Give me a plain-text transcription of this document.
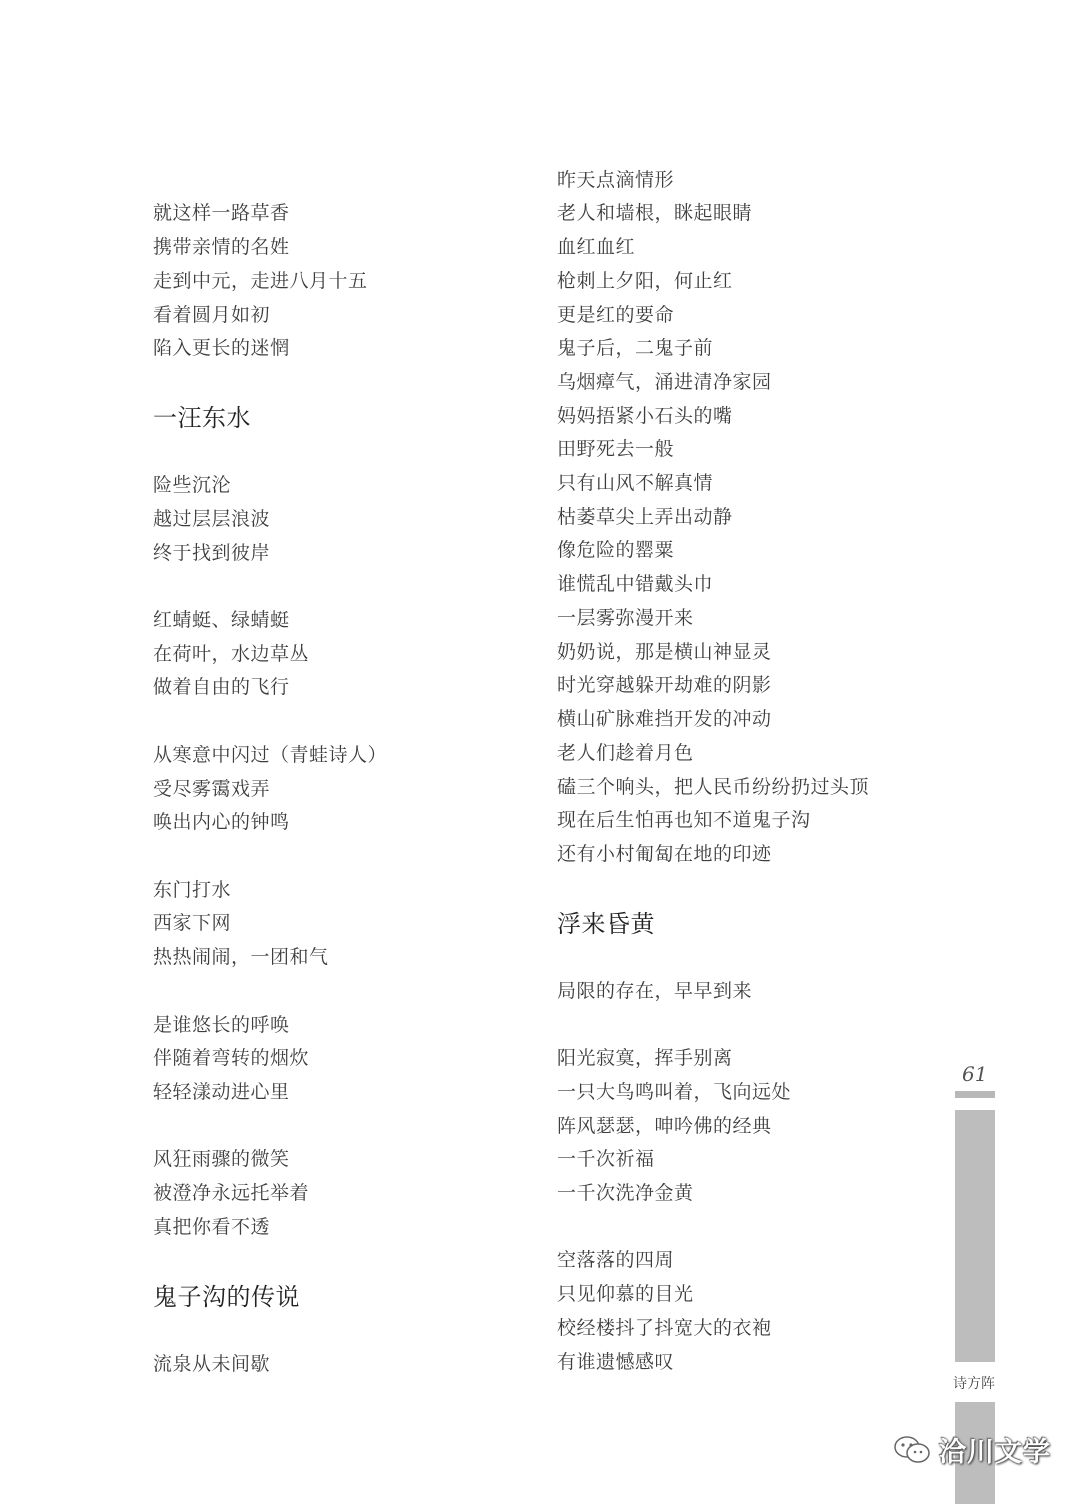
就这样一路草香
携带亲情的名姓
走到中元，走进八月十五
看着圆月如初
陷入更长的迷惘
一汪东水
险些沉沦
越过层层浪波
终于找到彼岸
红蜻蜓、绿蜻蜓
在荷叶，水边草丛
做着自由的飞行
从寒意中闪过（青蛙诗人）
受尽雾霭戏弄
唤出内心的钟鸣
东门打水
西家下网
热热闹闹，一团和气
是谁悠长的呼唤
伴随着弯转的烟炊
轻轻漾动进心里
风狂雨骤的微笑
被澄净永远托举着
真把你看不透
鬼子沟的传说
流泉从未间歇
昨天点滴情形
老人和墙根，眯起眼睛
血红血红
枪刺上夕阳，何止红
更是红的要命
鬼子后，二鬼子前
乌烟瘴气，涌进清净家园
妈妈捂紧小石头的嘴
田野死去一般
只有山风不解真情
枯萎草尖上弄出动静
像危险的罂粟
谁慌乱中错戴头巾
一层雾弥漫开来
奶奶说，那是横山神显灵
时光穿越躲开劫难的阴影
横山矿脉难挡开发的冲动
老人们趁着月色
磕三个响头，把人民币纷纷扔过头顶
现在后生怕再也知不道鬼子沟
还有小村匍匐在地的印迹
浮来昏黄
局限的存在，早早到来
阳光寂寞，挥手别离
一只大鸟鸣叫着，飞向远处
阵风瑟瑟，呻吟佛的经典
一千次祈福
一千次洗净金黄
空落落的四周
只见仰慕的目光
校经楼抖了抖宽大的衣袍
有谁遗憾感叹
61
诗方阵
洽川文学
